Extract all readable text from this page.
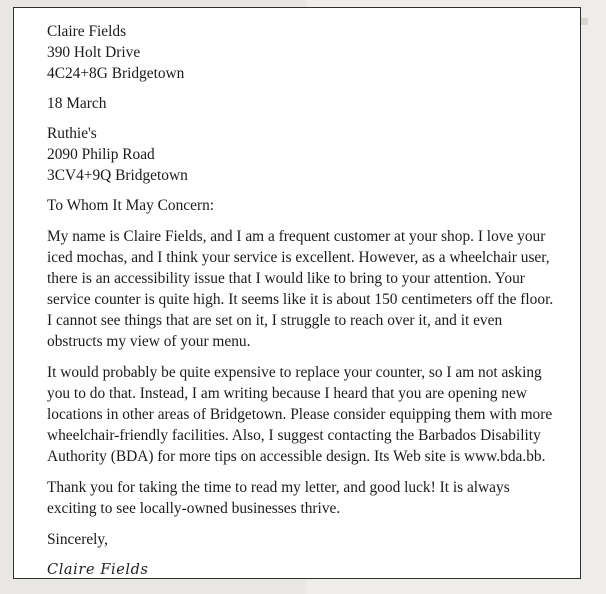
Claire Fields

390 Holt Drive

4C24+8G Bridgetown

18 March

Ruthie's

2090 Philip Road

3CV4+9Q Bridgetown

To Whom It May Concern:

My name is Claire Fields, and I am a frequent customer at your shop. I love your iced mochas, and I think your service is excellent. However, as a wheelchair user, there is an accessibility issue that I would like to bring to your attention. Your service counter is quite high. It seems like it is about 150 centimeters off the floor. I cannot see things that are set on it, I struggle to reach over it, and it even obstructs my view of your menu.

It would probably be quite expensive to replace your counter, so I am not asking you to do that. Instead, I am writing because I heard that you are opening new locations in other areas of Bridgetown. Please consider equipping them with more wheelchair-friendly facilities. Also, I suggest contacting the Barbados Disability Authority (BDA) for more tips on accessible design. Its Web site is www.bda.bb.

Thank you for taking the time to read my letter, and good luck! It is always exciting to see locally-owned businesses thrive.

Sincerely,

Claire Fields
